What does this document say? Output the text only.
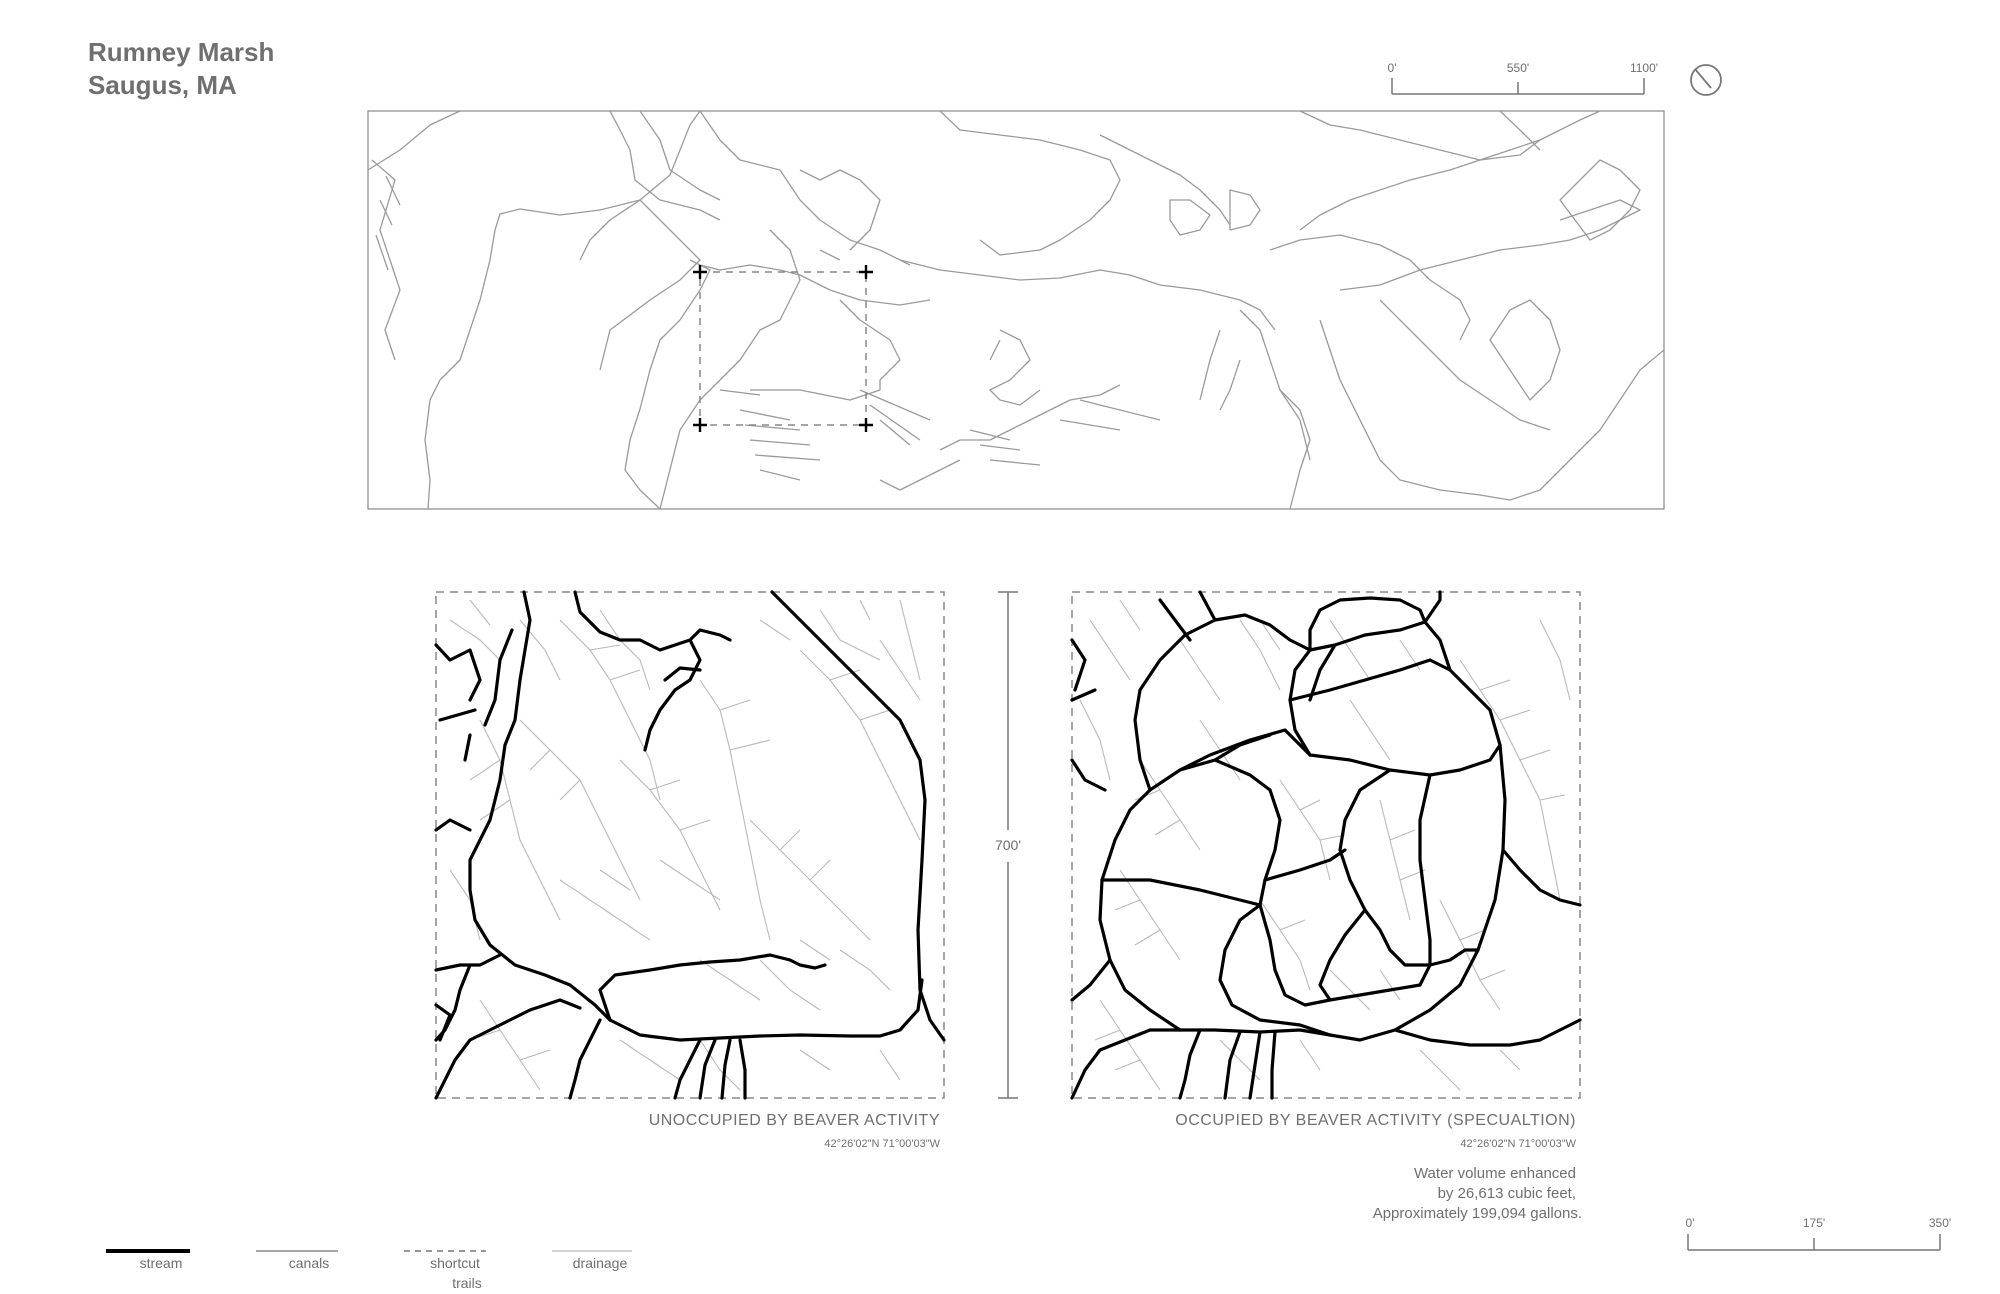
Rumney Marsh
Saugus, MA
0'	550'	1100'
700'
UNOCCUPIED BY BEAVER ACTIVITY
42°26'02"N 71°00'03"W
OCCUPIED BY BEAVER ACTIVITY (SPECUALTION)
42°26'02"N 71°00'03"W
Water volume enhanced
by 26,613 cubic feet,
Approximately 199,094 gallons.
0'	175'	350'
stream	canals	shortcut
trails
drainage
